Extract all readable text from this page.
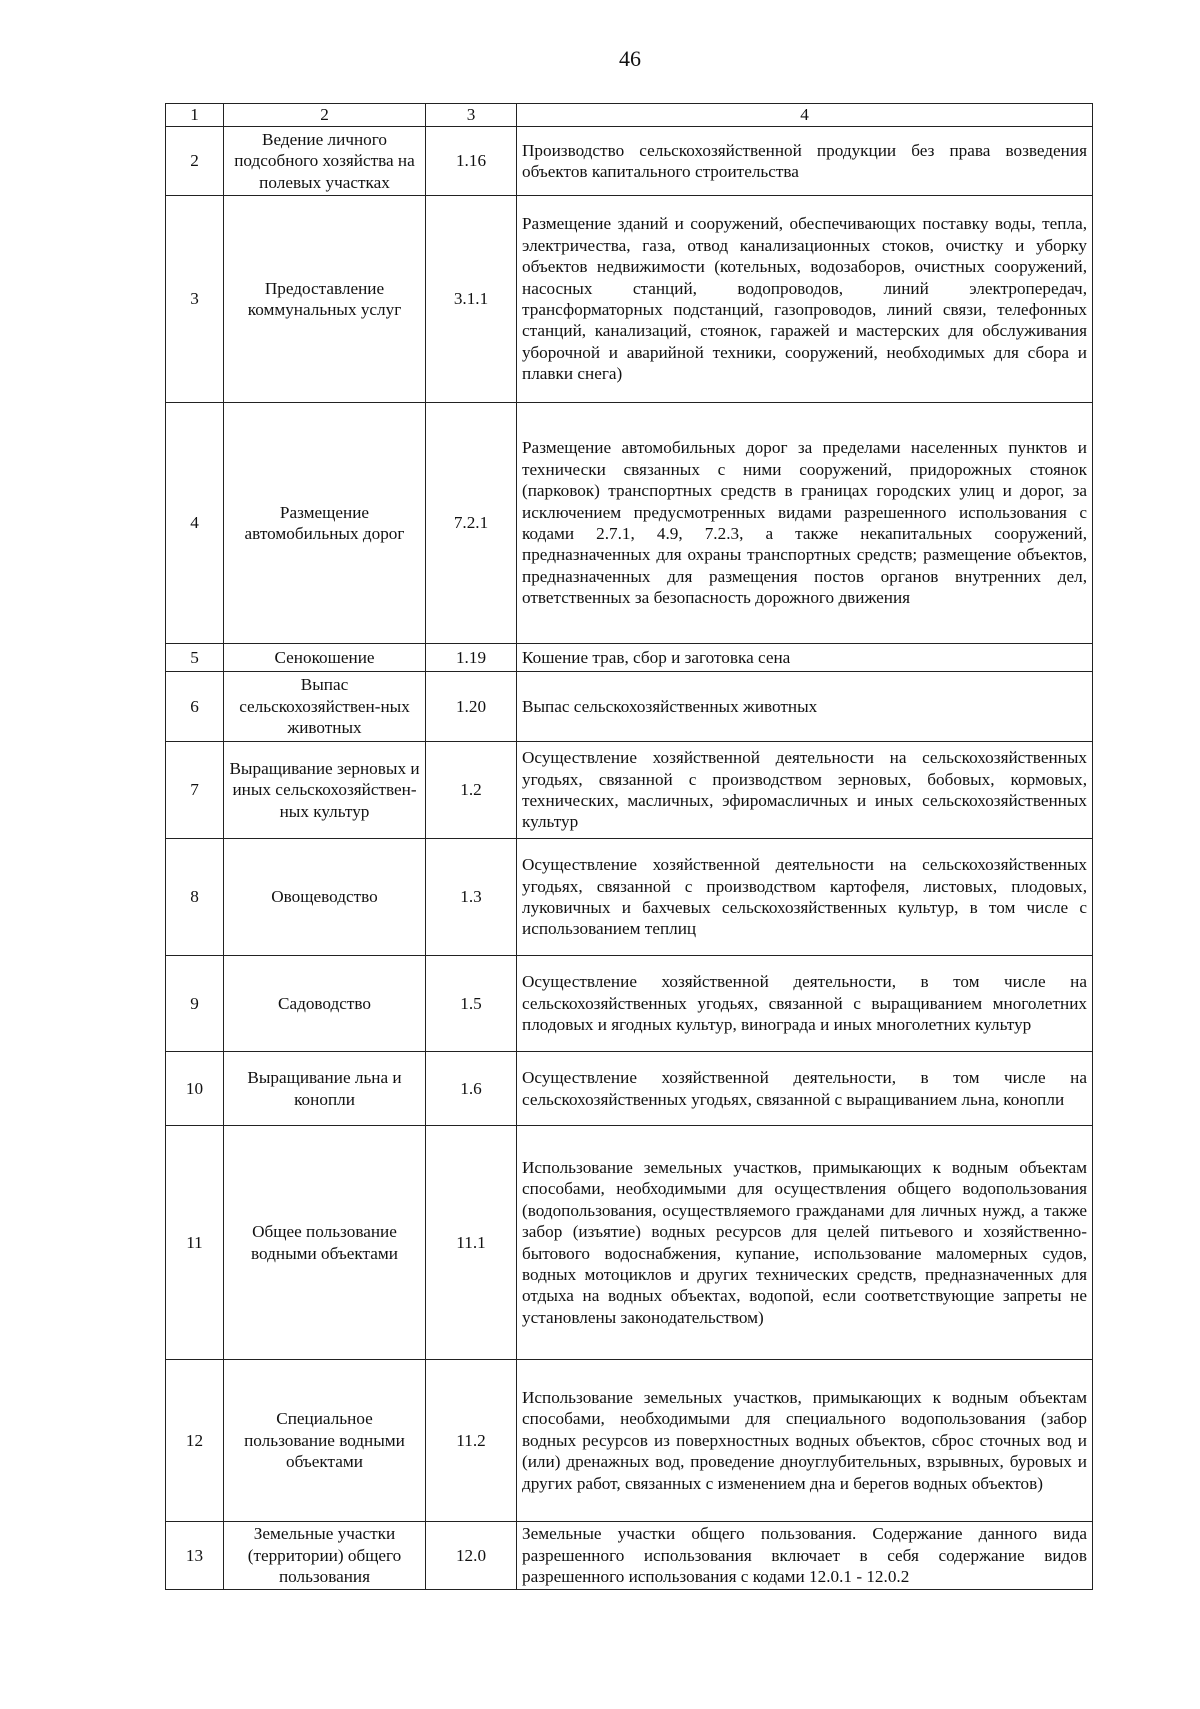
46
1	2	3	4
2	Ведение личного подсобного хозяйства на полевых участках	1.16	Производство сельскохозяйственной продукции без права возведения объектов капитального строительства
3	Предоставление коммунальных услуг	3.1.1	Размещение зданий и сооружений, обеспечивающих поставку воды, тепла, электричества, газа, отвод канализационных стоков, очистку и уборку объектов недвижимости (котельных, водозаборов, очистных сооружений, насосных станций, водопроводов, линий электропередач, трансформаторных подстанций, газопроводов, линий связи, телефонных станций, канализаций, стоянок, гаражей и мастерских для обслуживания уборочной и аварийной техники, сооружений, необходимых для сбора и плавки снега)
4	Размещение автомобильных дорог	7.2.1	Размещение автомобильных дорог за пределами населенных пунктов и технически связанных с ними сооружений, придорожных стоянок (парковок) транспортных средств в границах городских улиц и дорог, за исключением предусмотренных видами разрешенного использования с кодами 2.7.1, 4.9, 7.2.3, а также некапитальных сооружений, предназначенных для охраны транспортных средств; размещение объектов, предназначенных для размещения постов органов внутренних дел, ответственных за безопасность дорожного движения
5	Сенокошение	1.19	Кошение трав, сбор и заготовка сена
6	Выпас сельскохозяйствен-ных животных	1.20	Выпас сельскохозяйственных животных
7	Выращивание зерновых и иных сельскохозяйствен-ных культур	1.2	Осуществление хозяйственной деятельности на сельскохозяйственных угодьях, связанной с производством зерновых, бобовых, кормовых, технических, масличных, эфиромасличных и иных сельскохозяйственных культур
8	Овощеводство	1.3	Осуществление хозяйственной деятельности на сельскохозяйственных угодьях, связанной с производством картофеля, листовых, плодовых, луковичных и бахчевых сельскохозяйственных культур, в том числе с использованием теплиц
9	Садоводство	1.5	Осуществление хозяйственной деятельности, в том числе на сельскохозяйственных угодьях, связанной с выращиванием многолетних плодовых и ягодных культур, винограда и иных многолетних культур
10	Выращивание льна и конопли	1.6	Осуществление хозяйственной деятельности, в том числе на сельскохозяйственных угодьях, связанной с выращиванием льна, конопли
11	Общее пользование водными объектами	11.1	Использование земельных участков, примыкающих к водным объектам способами, необходимыми для осуществления общего водопользования (водопользования, осуществляемого гражданами для личных нужд, а также забор (изъятие) водных ресурсов для целей питьевого и хозяйственно-бытового водоснабжения, купание, использование маломерных судов, водных мотоциклов и других технических средств, предназначенных для отдыха на водных объектах, водопой, если соответствующие запреты не установлены законодательством)
12	Специальное пользование водными объектами	11.2	Использование земельных участков, примыкающих к водным объектам способами, необходимыми для специального водопользования (забор водных ресурсов из поверхностных водных объектов, сброс сточных вод и (или) дренажных вод, проведение дноуглубительных, взрывных, буровых и других работ, связанных с изменением дна и берегов водных объектов)
13	Земельные участки (территории) общего пользования	12.0	Земельные участки общего пользования. Содержание данного вида разрешенного использования включает в себя содержание видов разрешенного использования с кодами 12.0.1 - 12.0.2
